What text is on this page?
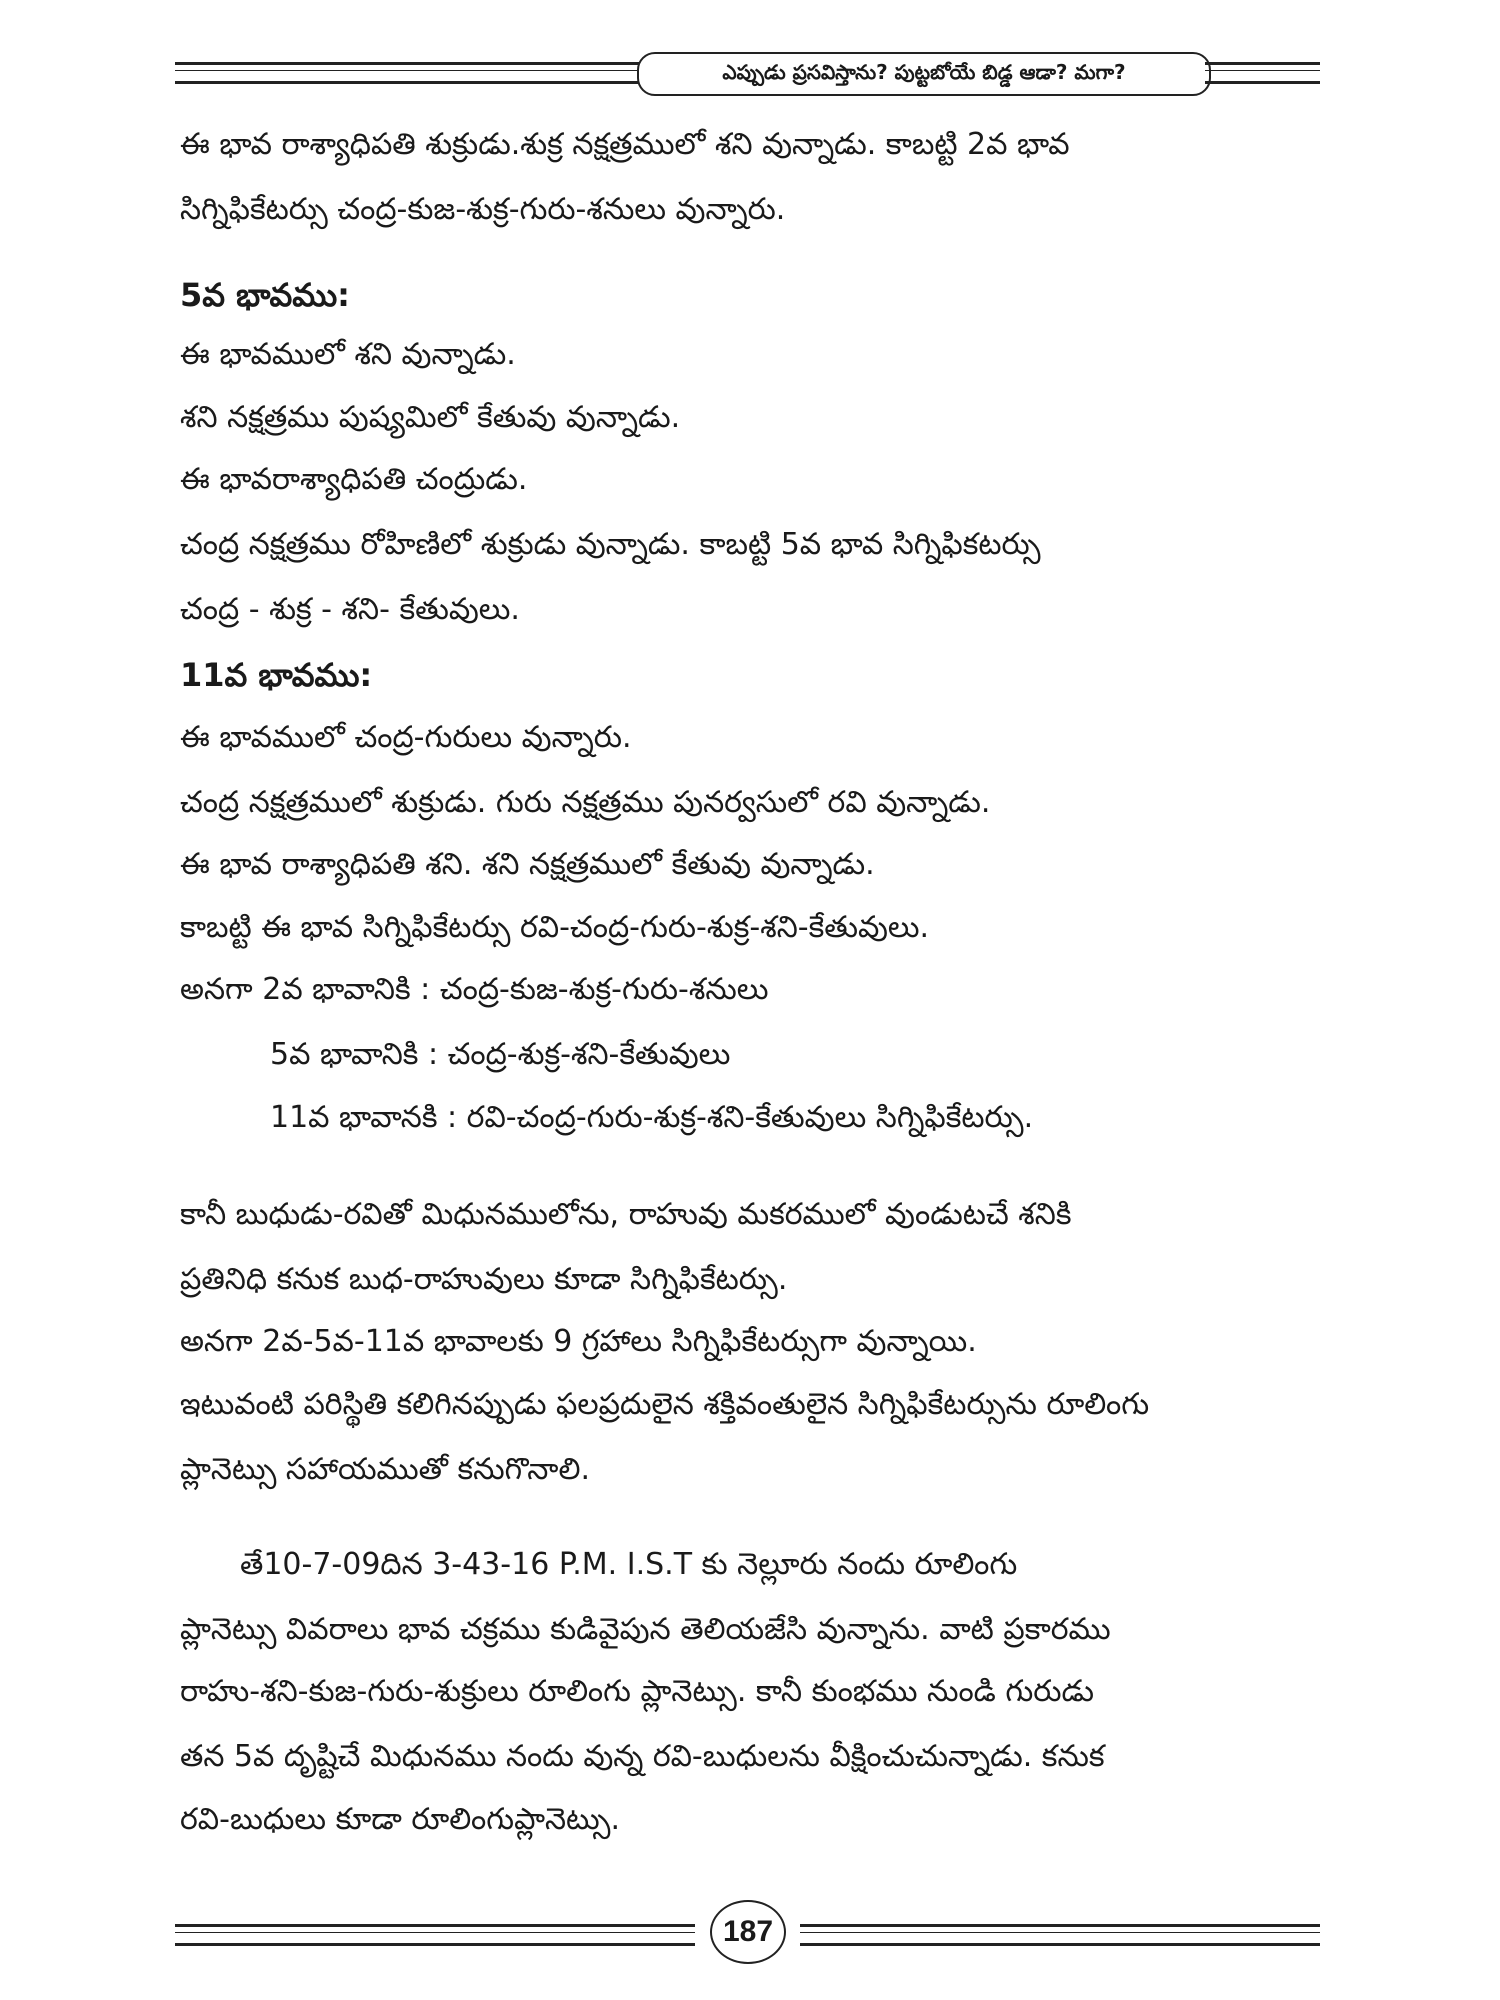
ఎప్పుడు ప్రసవిస్తాను? పుట్టబోయే బిడ్డ ఆడా? మగా?
ఈ భావ రాశ్యాధిపతి శుక్రుడు.శుక్ర నక్షత్రములో శని వున్నాడు. కాబట్టి 2వ భావ
సిగ్నిఫికేటర్సు చంద్ర-కుజ-శుక్ర-గురు-శనులు వున్నారు.
5వ భావము:
ఈ భావములో శని వున్నాడు.
శని నక్షత్రము పుష్యమిలో కేతువు వున్నాడు.
ఈ భావరాశ్యాధిపతి చంద్రుడు.
చంద్ర నక్షత్రము రోహిణిలో శుక్రుడు వున్నాడు. కాబట్టి 5వ భావ సిగ్నిఫికటర్సు
చంద్ర - శుక్ర - శని- కేతువులు.
11వ భావము:
ఈ భావములో చంద్ర-గురులు వున్నారు.
చంద్ర నక్షత్రములో శుక్రుడు. గురు నక్షత్రము పునర్వసులో రవి వున్నాడు.
ఈ భావ రాశ్యాధిపతి శని. శని నక్షత్రములో కేతువు వున్నాడు.
కాబట్టి ఈ భావ సిగ్నిఫికేటర్సు రవి-చంద్ర-గురు-శుక్ర-శని-కేతువులు.
అనగా 2వ భావానికి : చంద్ర-కుజ-శుక్ర-గురు-శనులు
5వ భావానికి : చంద్ర-శుక్ర-శని-కేతువులు
11వ భావానకి : రవి-చంద్ర-గురు-శుక్ర-శని-కేతువులు సిగ్నిఫికేటర్సు.
కానీ బుధుడు-రవితో మిధునములోను, రాహువు మకరములో వుండుటచే శనికి
ప్రతినిధి కనుక బుధ-రాహువులు కూడా సిగ్నిఫికేటర్సు.
అనగా 2వ-5వ-11వ భావాలకు 9 గ్రహాలు సిగ్నిఫికేటర్సుగా వున్నాయి.
ఇటువంటి పరిస్థితి కలిగినప్పుడు ఫలప్రదులైన శక్తివంతులైన సిగ్నిఫికేటర్సును రూలింగు
ప్లానెట్సు సహాయముతో కనుగొనాలి.
తే10-7-09దిన 3-43-16 P.M. I.S.T కు నెల్లూరు నందు రూలింగు
ప్లానెట్సు వివరాలు భావ చక్రము కుడివైపున తెలియజేసి వున్నాను. వాటి ప్రకారము
రాహు-శని-కుజ-గురు-శుక్రులు రూలింగు ప్లానెట్సు. కానీ కుంభము నుండి గురుడు
తన 5వ దృష్టిచే మిధునము నందు వున్న రవి-బుధులను వీక్షించుచున్నాడు. కనుక
రవి-బుధులు కూడా రూలింగుప్లానెట్సు.
187
